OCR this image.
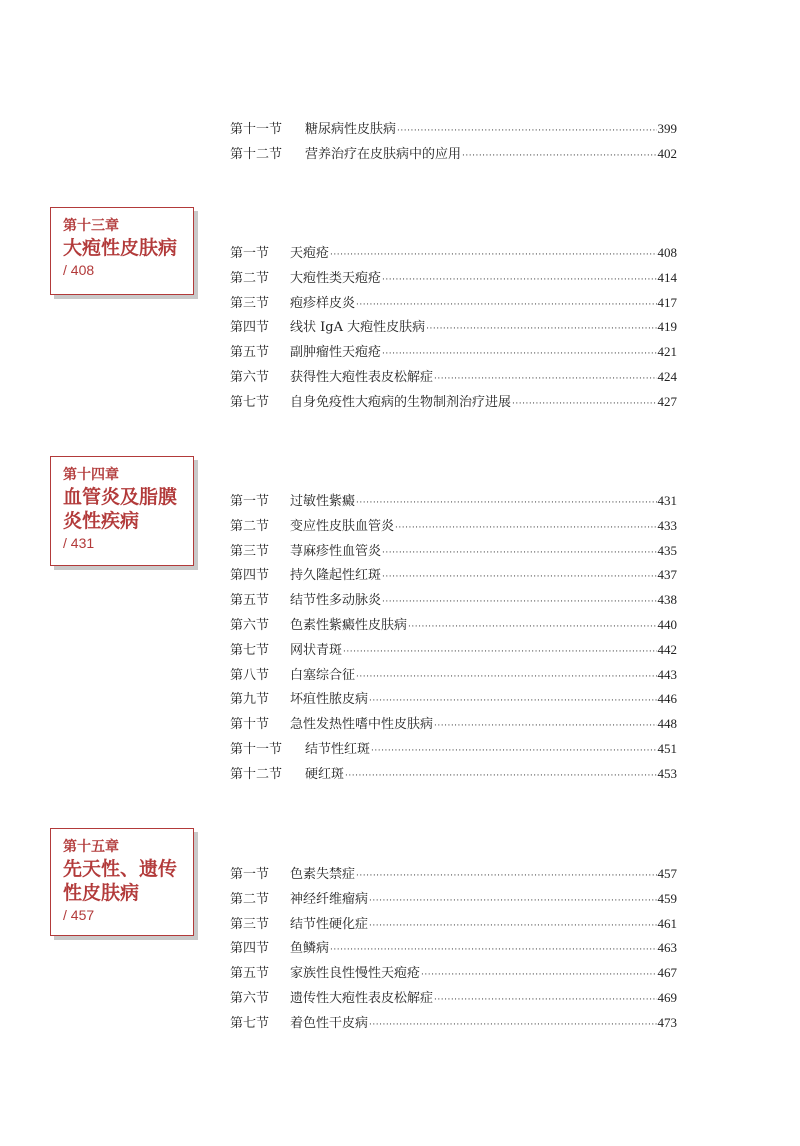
第十一节	糖尿病性皮肤病 ·····	399
第十二节	营养治疗在皮肤病中的应用 ·····	402
第十三章
大疱性皮肤病
/ 408
第一节	天疱疮 ·····	408
第二节	大疱性类天疱疮 ·····	414
第三节	疱疹样皮炎 ·····	417
第四节	线状 IgA 大疱性皮肤病 ·····	419
第五节	副肿瘤性天疱疮 ·····	421
第六节	获得性大疱性表皮松解症 ·····	424
第七节	自身免疫性大疱病的生物制剂治疗进展 ·····	427
第十四章
血管炎及脂膜
炎性疾病
/ 431
第一节	过敏性紫癜 ·····	431
第二节	变应性皮肤血管炎 ·····	433
第三节	荨麻疹性血管炎 ·····	435
第四节	持久隆起性红斑 ·····	437
第五节	结节性多动脉炎 ·····	438
第六节	色素性紫癜性皮肤病 ·····	440
第七节	网状青斑 ·····	442
第八节	白塞综合征 ·····	443
第九节	坏疽性脓皮病 ·····	446
第十节	急性发热性嗜中性皮肤病 ·····	448
第十一节	结节性红斑 ·····	451
第十二节	硬红斑 ·····	453
第十五章
先天性、遗传
性皮肤病
/ 457
第一节	色素失禁症 ·····	457
第二节	神经纤维瘤病 ·····	459
第三节	结节性硬化症 ·····	461
第四节	鱼鳞病 ·····	463
第五节	家族性良性慢性天疱疮 ·····	467
第六节	遗传性大疱性表皮松解症 ·····	469
第七节	着色性干皮病 ·····	473
